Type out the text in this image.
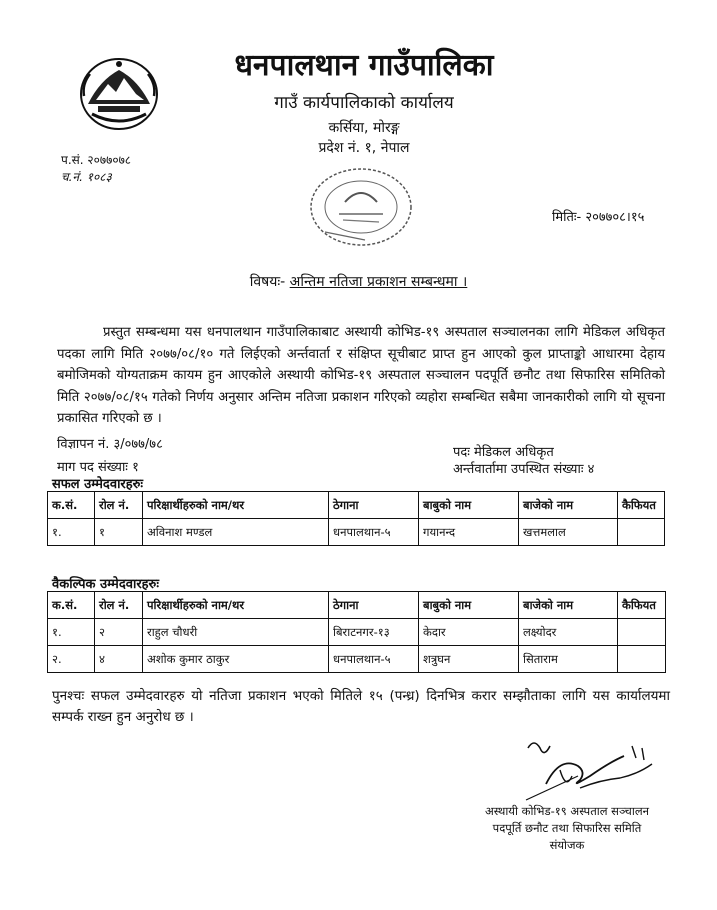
धनपालथान गाउँपालिका
गाउँ कार्यपालिकाको कार्यालय
कर्सिया, मोरङ्ग
प्रदेश नं. १, नेपाल
प.सं. २०७७०७८
च.नं. १०८३
मितिः- २०७७०८।१५
विषयः- अन्तिम नतिजा प्रकाशन सम्बन्धमा ।
प्रस्तुत सम्बन्धमा यस धनपालथान गाउँपालिकाबाट अस्थायी कोभिड-१९ अस्पताल सञ्चालनका लागि मेडिकल अधिकृत पदका लागि मिति २०७७/०८/१० गते लिईएको अर्न्तवार्ता र संक्षिप्त सूचीबाट प्राप्त हुन आएको कुल प्राप्ताङ्को आधारमा देहाय बमोजिमको योग्यताक्रम कायम हुन आएकोले अस्थायी कोभिड-१९ अस्पताल सञ्चालन पदपूर्ति छनौट तथा सिफारिस समितिको मिति २०७७/०८/१५ गतेको निर्णय अनुसार अन्तिम नतिजा प्रकाशन गरिएको व्यहोरा सम्बन्धित सबैमा जानकारीको लागि यो सूचना प्रकासित गरिएको छ ।
विज्ञापन नं. ३/०७७/७८
पदः मेडिकल अधिकृत
माग पद संख्याः १	अर्न्तवार्तामा उपस्थित संख्याः ४
सफल उम्मेदवारहरुः
क.सं.	रोल नं.	परिक्षार्थीहरुको नाम/थर	ठेगाना	बाबुको नाम	बाजेको नाम	कैफियत
१.	१	अविनाश मण्डल	धनपालथान-५	गयानन्द	खत्तमलाल	
वैकल्पिक उम्मेदवारहरुः
क.सं.	रोल नं.	परिक्षार्थीहरुको नाम/थर	ठेगाना	बाबुको नाम	बाजेको नाम	कैफियत
१.	२	राहुल चौधरी	बिराटनगर-१३	केदार	लक्ष्योदर	
२.	४	अशोक कुमार ठाकुर	धनपालथान-५	शत्रुघन	सिताराम	
पुनश्चः सफल उम्मेदवारहरु यो नतिजा प्रकाशन भएको मितिले १५ (पन्ध्र) दिनभित्र करार सम्झौताका लागि यस कार्यालयमा सम्पर्क राख्न हुन अनुरोध छ ।
अस्थायी कोभिड-१९ अस्पताल सञ्चालन
पदपूर्ति छनौट तथा सिफारिस समिति
संयोजक
